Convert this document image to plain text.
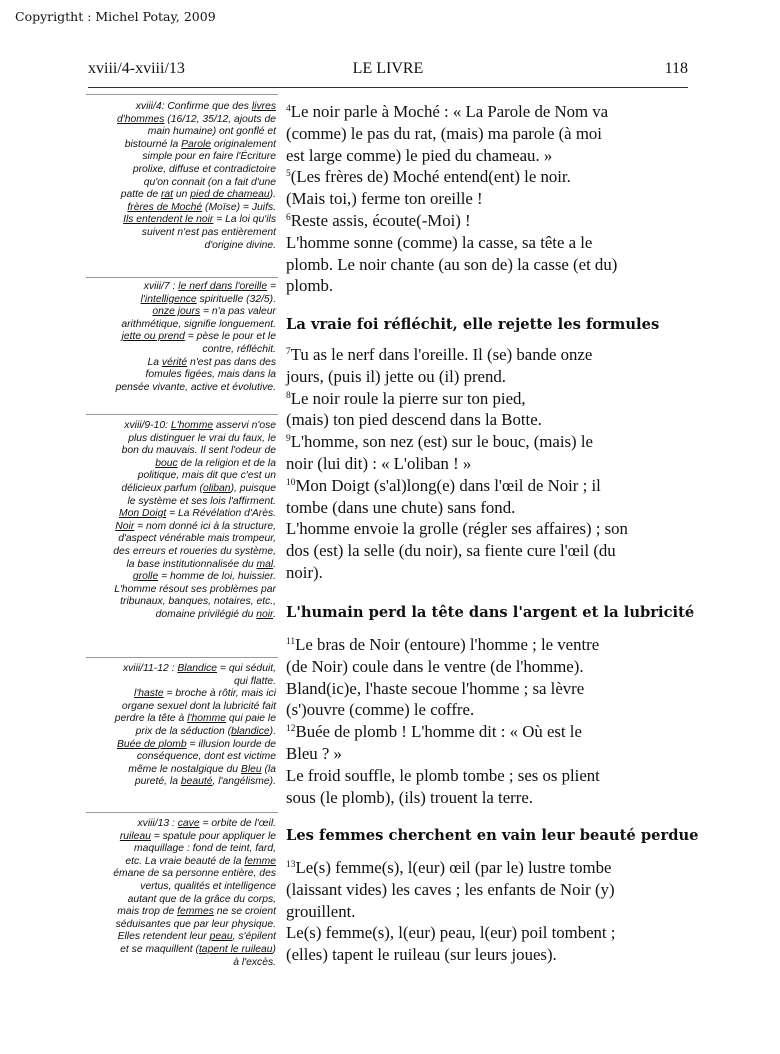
Copyrigtht : Michel Potay, 2009
xviii/4-xviii/13	LE LIVRE	118

xviii/4: Confirme que des livres

d'hommes (16/12, 35/12, ajouts de

main humaine) ont gonflé et

bistourné la Parole originalement

simple pour en faire l'Écriture

prolixe, diffuse et contradictoire

qu'on connait (on a fait d'une

patte de rat un pied de chameau).

frères de Moché (Moïse) = Juifs.

Ils entendent le noir = La loi qu'ils

suivent n'est pas entièrement

d'origine divine.

xviii/7 : le nerf dans l'oreille =

l'intelligence spirituelle (32/5).

onze jours = n'a pas valeur

arithmétique, signifie longuement.

jette ou prend = pèse le pour et le

contre, réfléchit.

La vérité n'est pas dans des

fomules figées, mais dans la

pensée vivante, active et évolutive.

xviii/9-10: L'homme asservi n'ose

plus distinguer le vrai du faux, le

bon du mauvais. Il sent l'odeur de

bouc de la religion et de la

politique, mais dit que c'est un

délicieux parfum (oliban), puisque

le système et ses lois l'affirment.

Mon Doigt = La Révélation d'Arès.

Noir = nom donné ici à la structure,

d'aspect vénérable mais trompeur,

des erreurs et roueries du système,

la base institutionnalisée du mal.

grolle = homme de loi, huissier.

L'homme résout ses problèmes par

tribunaux, banques, notaires, etc.,

domaine privilégié du noir.

xviii/11-12 : Blandice = qui séduit,

qui flatte.

l'haste = broche à rôtir, mais ici

organe sexuel dont la lubricité fait

perdre la tête à l'homme qui paie le

prix de la séduction (blandice).

Buée de plomb = illusion lourde de

conséquence, dont est victime

même le nostalgique du Bleu (la

pureté, la beauté, l'angélisme).

xviii/13 : cave = orbite de l'œil.

ruileau = spatule pour appliquer le

maquillage : fond de teint, fard,

etc. La vraie beauté de la femme

émane de sa personne entière, des

vertus, qualités et intelligence

autant que de la grâce du corps,

mais trop de femmes ne se croient

séduisantes que par leur physique.

Elles retendent leur peau, s'épilent

et se maquillent (tapent le ruileau)

à l'excès.

$^4$Le noir parle à Moché : « La Parole de Nom va

(comme) le pas du rat, (mais) ma parole (à moi

est large comme) le pied du chameau. »

$^5$(Les frères de) Moché entend(ent) le noir.

(Mais toi,) ferme ton oreille !

$^6$Reste assis, écoute(-Moi) !

L'homme sonne (comme) la casse, sa tête a le

plomb. Le noir chante (au son de) la casse (et du)

plomb.

La vraie foi réfléchit, elle rejette les formules

$^7$Tu as le nerf dans l'oreille. Il (se) bande onze

jours, (puis il) jette ou (il) prend.

$^8$Le noir roule la pierre sur ton pied,

(mais) ton pied descend dans la Botte.

$^9$L'homme, son nez (est) sur le bouc, (mais) le

noir (lui dit) : « L'oliban ! »

$^{10}$Mon Doigt (s'al)long(e) dans l'œil de Noir ; il

tombe (dans une chute) sans fond.

L'homme envoie la grolle (régler ses affaires) ; son

dos (est) la selle (du noir), sa fiente cure l'œil (du

noir).

L'humain perd la tête dans l'argent et la lubricité

$^{11}$Le bras de Noir (entoure) l'homme ; le ventre

(de Noir) coule dans le ventre (de l'homme).

Bland(ic)e, l'haste secoue l'homme ; sa lèvre

(s')ouvre (comme) le coffre.

$^{12}$Buée de plomb ! L'homme dit : « Où est le

Bleu ? »

Le froid souffle, le plomb tombe ; ses os plient

sous (le plomb), (ils) trouent la terre.

Les femmes cherchent en vain leur beauté perdue

$^{13}$Le(s) femme(s), l(eur) œil (par le) lustre tombe

(laissant vides) les caves ; les enfants de Noir (y)

grouillent.

Le(s) femme(s), l(eur) peau, l(eur) poil tombent ;

(elles) tapent le ruileau (sur leurs joues).
